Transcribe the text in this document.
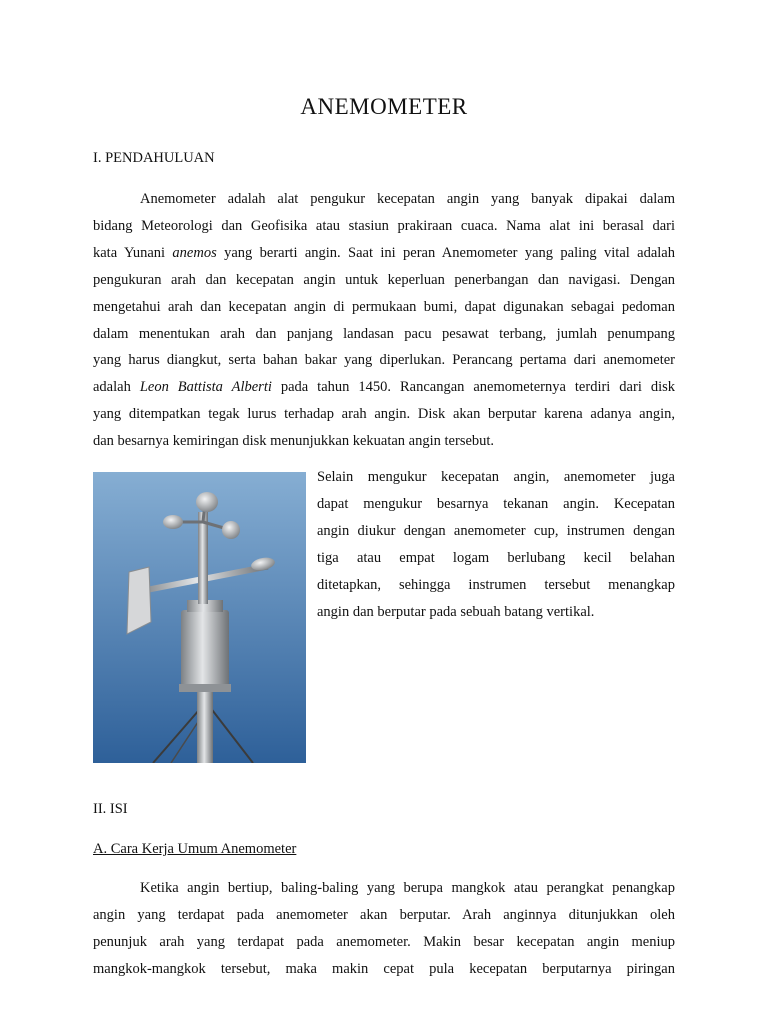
ANEMOMETER
I. PENDAHULUAN
Anemometer adalah alat pengukur kecepatan angin yang banyak dipakai dalam
bidang Meteorologi dan Geofisika atau stasiun prakiraan cuaca. Nama alat ini berasal dari
kata Yunani anemos yang berarti angin. Saat ini peran Anemometer yang paling vital adalah
pengukuran arah dan kecepatan angin untuk keperluan penerbangan dan navigasi. Dengan
mengetahui arah dan kecepatan angin di permukaan bumi, dapat digunakan sebagai pedoman
dalam menentukan arah dan panjang landasan pacu pesawat terbang, jumlah penumpang
yang harus diangkut, serta bahan bakar yang diperlukan. Perancang pertama dari anemometer
adalah Leon Battista Alberti pada tahun 1450. Rancangan anemometernya terdiri dari disk
yang ditempatkan tegak lurus terhadap arah angin. Disk akan berputar karena adanya angin,
dan besarnya kemiringan disk menunjukkan kekuatan angin tersebut.
Selain mengukur kecepatan angin, anemometer juga
dapat mengukur besarnya tekanan angin. Kecepatan
angin diukur dengan anemometer cup, instrumen dengan
tiga atau empat logam berlubang kecil belahan
ditetapkan, sehingga instrumen tersebut menangkap
angin dan berputar pada sebuah batang vertikal.
II. ISI
A. Cara Kerja Umum Anemometer
Ketika angin bertiup, baling-baling yang berupa mangkok atau perangkat penangkap
angin yang terdapat pada anemometer akan berputar. Arah anginnya ditunjukkan oleh
penunjuk arah yang terdapat pada anemometer. Makin besar kecepatan angin meniup
mangkok-mangkok tersebut, maka makin cepat pula kecepatan berputarnya piringan
